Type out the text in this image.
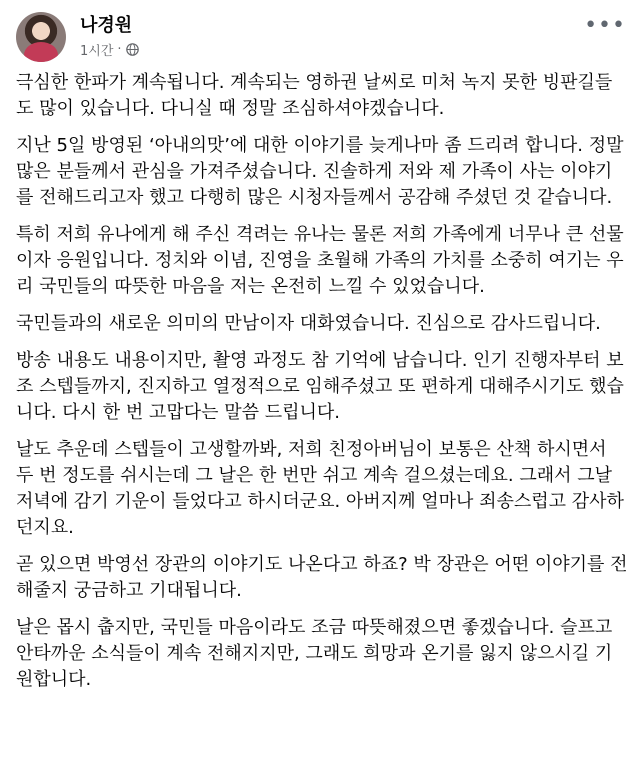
나경원
1시간 ·
•••

극심한 한파가 계속됩니다. 계속되는 영하권 날씨로 미처 녹지 못한 빙판길들도 많이 있습니다. 다니실 때 정말 조심하셔야겠습니다.

지난 5일 방영된 ‘아내의맛’에 대한 이야기를 늦게나마 좀 드리려 합니다. 정말 많은 분들께서 관심을 가져주셨습니다. 진솔하게 저와 제 가족이 사는 이야기를 전해드리고자 했고 다행히 많은 시청자들께서 공감해 주셨던 것 같습니다.

특히 저희 유나에게 해 주신 격려는 유나는 물론 저희 가족에게 너무나 큰 선물이자 응원입니다. 정치와 이념, 진영을 초월해 가족의 가치를 소중히 여기는 우리 국민들의 따뜻한 마음을 저는 온전히 느낄 수 있었습니다.

국민들과의 새로운 의미의 만남이자 대화였습니다. 진심으로 감사드립니다.

방송 내용도 내용이지만, 촬영 과정도 참 기억에 남습니다. 인기 진행자부터 보조 스텝들까지, 진지하고 열정적으로 임해주셨고 또 편하게 대해주시기도 했습니다. 다시 한 번 고맙다는 말씀 드립니다.

날도 추운데 스텝들이 고생할까봐, 저희 친정아버님이 보통은 산책 하시면서 두 번 정도를 쉬시는데 그 날은 한 번만 쉬고 계속 걸으셨는데요. 그래서 그날 저녁에 감기 기운이 들었다고 하시더군요. 아버지께 얼마나 죄송스럽고 감사하던지요.

곧 있으면 박영선 장관의 이야기도 나온다고 하죠? 박 장관은 어떤 이야기를 전해줄지 궁금하고 기대됩니다.

날은 몹시 춥지만, 국민들 마음이라도 조금 따뜻해졌으면 좋겠습니다. 슬프고 안타까운 소식들이 계속 전해지지만, 그래도 희망과 온기를 잃지 않으시길 기원합니다.
